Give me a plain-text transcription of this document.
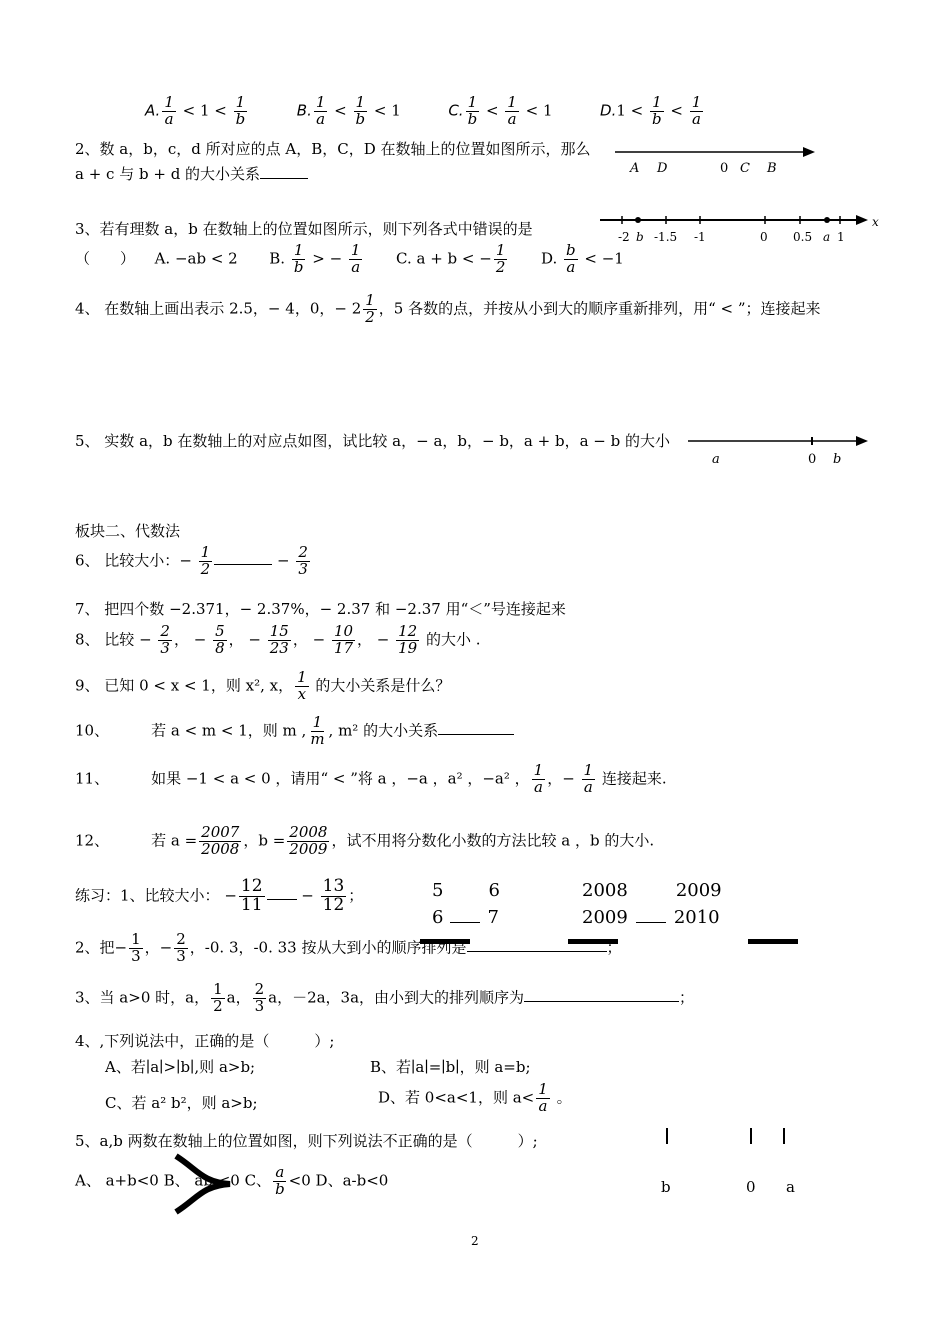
A. $\frac{1}{a} < 1 < \frac{1}{b}$	B. $\frac{1}{a} < \frac{1}{b} < 1$	C. $\frac{1}{b} < \frac{1}{a} < 1$	$D.1 < \frac{1}{b} < \frac{1}{a}$
2、数 a，b，c，d 所对应的点 A，B，C，D 在数轴上的位置如图所示，那么
a + c 与 b + d 的大小关系	A D	0 C B
3、若有理数 a，b 在数轴上的位置如图所示，则下列各式中错误的是
（　　） A. −ab < 2 B. $\frac{1}{b}$ > − $\frac{1}{a} C$. a + b < − $\frac{1}{2} D$. $\frac{b}{a} < -1$
-2 b -1.5 -1	0 0.5 a 1
x
4、 在数轴上画出表示 2.5，− 4，0，− $2 \frac{1}{2}$ ，5 各数的点，并按从小到大的顺序重新排列，用“ < ”；连接起来
5、 实数 a，b 在数轴上的对应点如图，试比较 a，− a，b，− b，a + b，a − b 的大小
a	0 b
板块二、代数法
6、 比较大小：− $\frac{1}{2}$	− $\frac{2}{3}$
7、 把四个数 −2.371，− 2.37%，− 2.37 和 −2.37 用“＜”号连接起来
8、 比较 − $\frac{2}{3}$ ， − $\frac{5}{8}$ ， − $\frac{15}{23}$ ， − $\frac{10}{17}$ ， − $\frac{12}{19}$ 的大小 .
9、 已知 0 < x < 1，则 x², x， $\frac{1}{x}$ 的大小关系是什么？
10、	若 a < m < 1，则 m , $\frac{1}{m}$ , m² 的大小关系
11、	如果 −1 < a < 0 ，请用“ < ”将 a ，−a ，a² ，−a² ， $\frac{1}{a}$ ，− $\frac{1}{a}$ 连接起来.
12、	若 $a = \frac{2007}{2008}$ ，$b = \frac{2008}{2009}$ ，试不用将分数化小数的方法比较 a ，b 的大小.
练习：1、比较大小： − $\frac{12}{11} - \frac{13}{12}$ ；	5	6
6 7
2008	2009
2009	2010
2、把− $\frac{1}{3}$ ，− $\frac{2}{3}$ ，-0. 3，-0. 33 按从大到小的顺序排列是	；
3、当 a>0 时，a， $\frac{1}{2}$ a， $\frac{2}{3}$ a，－2a，3a，由小到大的排列顺序为	；
4、,下列说法中，正确的是（　　　）;
A、若∣a∣>∣b∣,则 a>b;	B、若∣a∣=∣b∣，则 a=b;
C、若 a² b²，则 a>b;	D、若 0<a<1，则 $a< \frac{1}{a}$ 。
5、a,b 两数在数轴上的位置如图，则下列说法不正确的是（　　　）;
A、 a+b<0 B、 ab <0 C、 $\frac{a}{b} <0$ D、a-b<0	b	0 a
2
